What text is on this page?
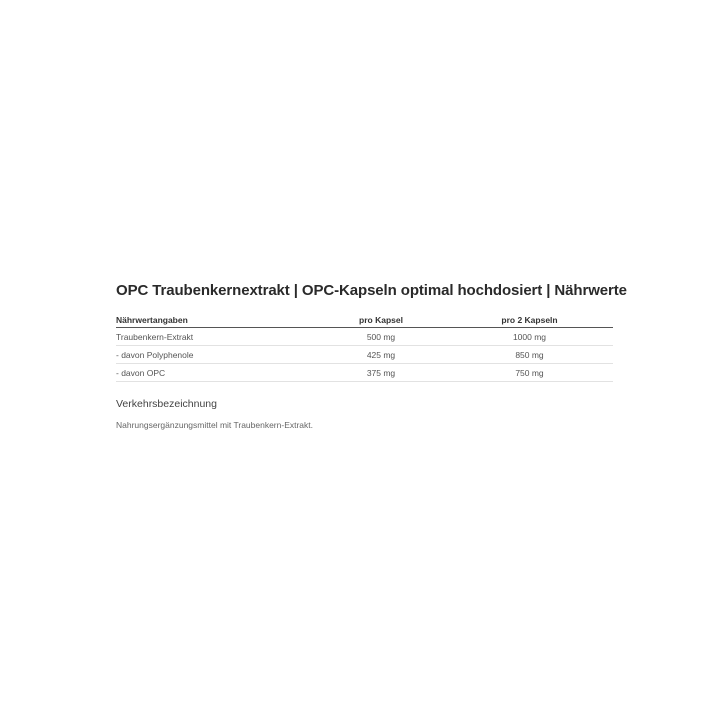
OPC Traubenkernextrakt | OPC-Kapseln optimal hochdosiert | Nährwerte
Nährwertangaben	pro Kapsel	pro 2 Kapseln
Traubenkern-Extrakt	500 mg	1000 mg
- davon Polyphenole	425 mg	850 mg
- davon OPC	375 mg	750 mg
Verkehrsbezeichnung

Nahrungsergänzungsmittel mit Traubenkern-Extrakt.
